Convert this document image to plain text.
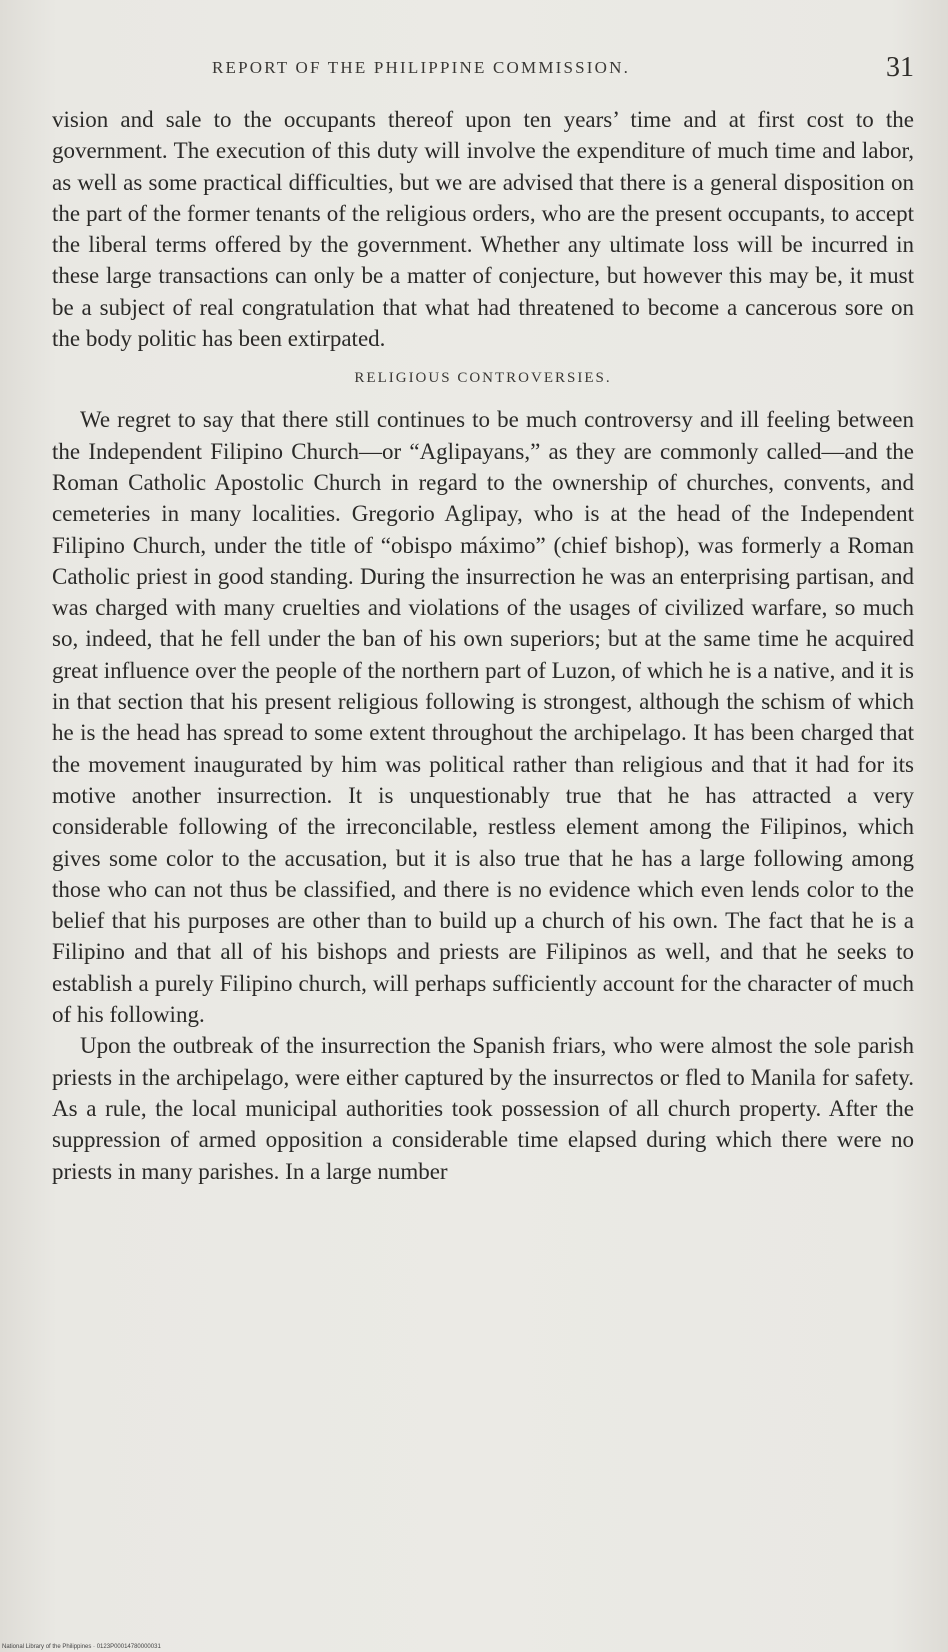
REPORT OF THE PHILIPPINE COMMISSION.	31

vision and sale to the occupants thereof upon ten years’ time and at first cost to the government. The execution of this duty will involve the expenditure of much time and labor, as well as some practical difficulties, but we are advised that there is a general disposition on the part of the former tenants of the religious orders, who are the present occupants, to accept the liberal terms offered by the government. Whether any ultimate loss will be incurred in these large transactions can only be a matter of conjecture, but however this may be, it must be a subject of real congratulation that what had threatened to become a cancerous sore on the body politic has been extirpated.

RELIGIOUS CONTROVERSIES.

We regret to say that there still continues to be much controversy and ill feeling between the Independent Filipino Church—or “Aglipayans,” as they are commonly called—and the Roman Catholic Apostolic Church in regard to the ownership of churches, convents, and cemeteries in many localities. Gregorio Aglipay, who is at the head of the Independent Filipino Church, under the title of “obispo máximo” (chief bishop), was formerly a Roman Catholic priest in good standing. During the insurrection he was an enterprising partisan, and was charged with many cruelties and violations of the usages of civilized warfare, so much so, indeed, that he fell under the ban of his own superiors; but at the same time he acquired great influence over the people of the northern part of Luzon, of which he is a native, and it is in that section that his present religious following is strongest, although the schism of which he is the head has spread to some extent throughout the archipelago. It has been charged that the movement inaugurated by him was political rather than religious and that it had for its motive another insurrection. It is unquestionably true that he has attracted a very considerable following of the irreconcilable, restless element among the Filipinos, which gives some color to the accusation, but it is also true that he has a large following among those who can not thus be classified, and there is no evidence which even lends color to the belief that his purposes are other than to build up a church of his own. The fact that he is a Filipino and that all of his bishops and priests are Filipinos as well, and that he seeks to establish a purely Filipino church, will perhaps sufficiently account for the character of much of his following.

Upon the outbreak of the insurrection the Spanish friars, who were almost the sole parish priests in the archipelago, were either captured by the insurrectos or fled to Manila for safety. As a rule, the local municipal authorities took possession of all church property. After the suppression of armed opposition a considerable time elapsed during which there were no priests in many parishes. In a large number

National Library of the Philippines · 0123P00014780000031
